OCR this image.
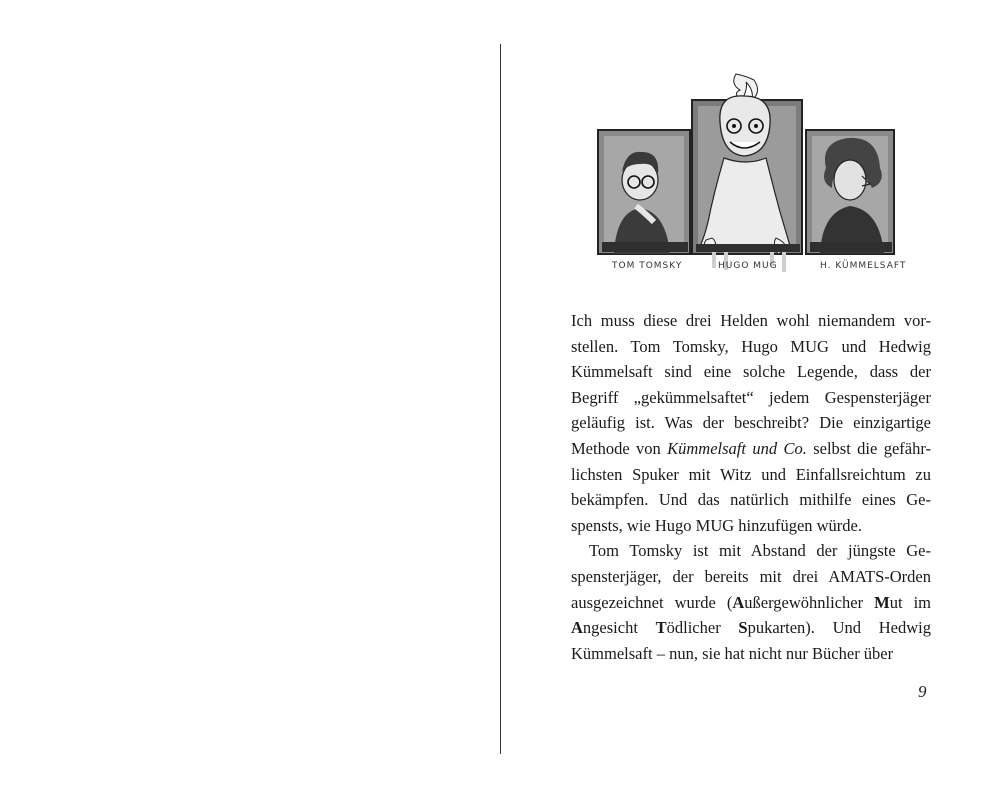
TOM TOMSKY	HUGO MUG	H. KÜMMELSAFT

Ich muss diese drei Helden wohl niemandem vor- stellen. Tom Tomsky, Hugo MUG und Hedwig Kümmelsaft sind eine solche Legende, dass der Begriff „gekümmelsaftet“ jedem Gespensterjäger geläufig ist. Was der beschreibt? Die einzigartige Methode von Kümmelsaft und Co. selbst die gefähr- lichsten Spuker mit Witz und Einfallsreichtum zu bekämpfen. Und das natürlich mithilfe eines Ge- spensts, wie Hugo MUG hinzufügen würde.

Tom Tomsky ist mit Abstand der jüngste Ge- spensterjäger, der bereits mit drei AMATS-Orden ausgezeichnet wurde (Außergewöhnlicher Mut im Angesicht Tödlicher Spukarten). Und Hedwig Kümmelsaft – nun, sie hat nicht nur Bücher über

9
